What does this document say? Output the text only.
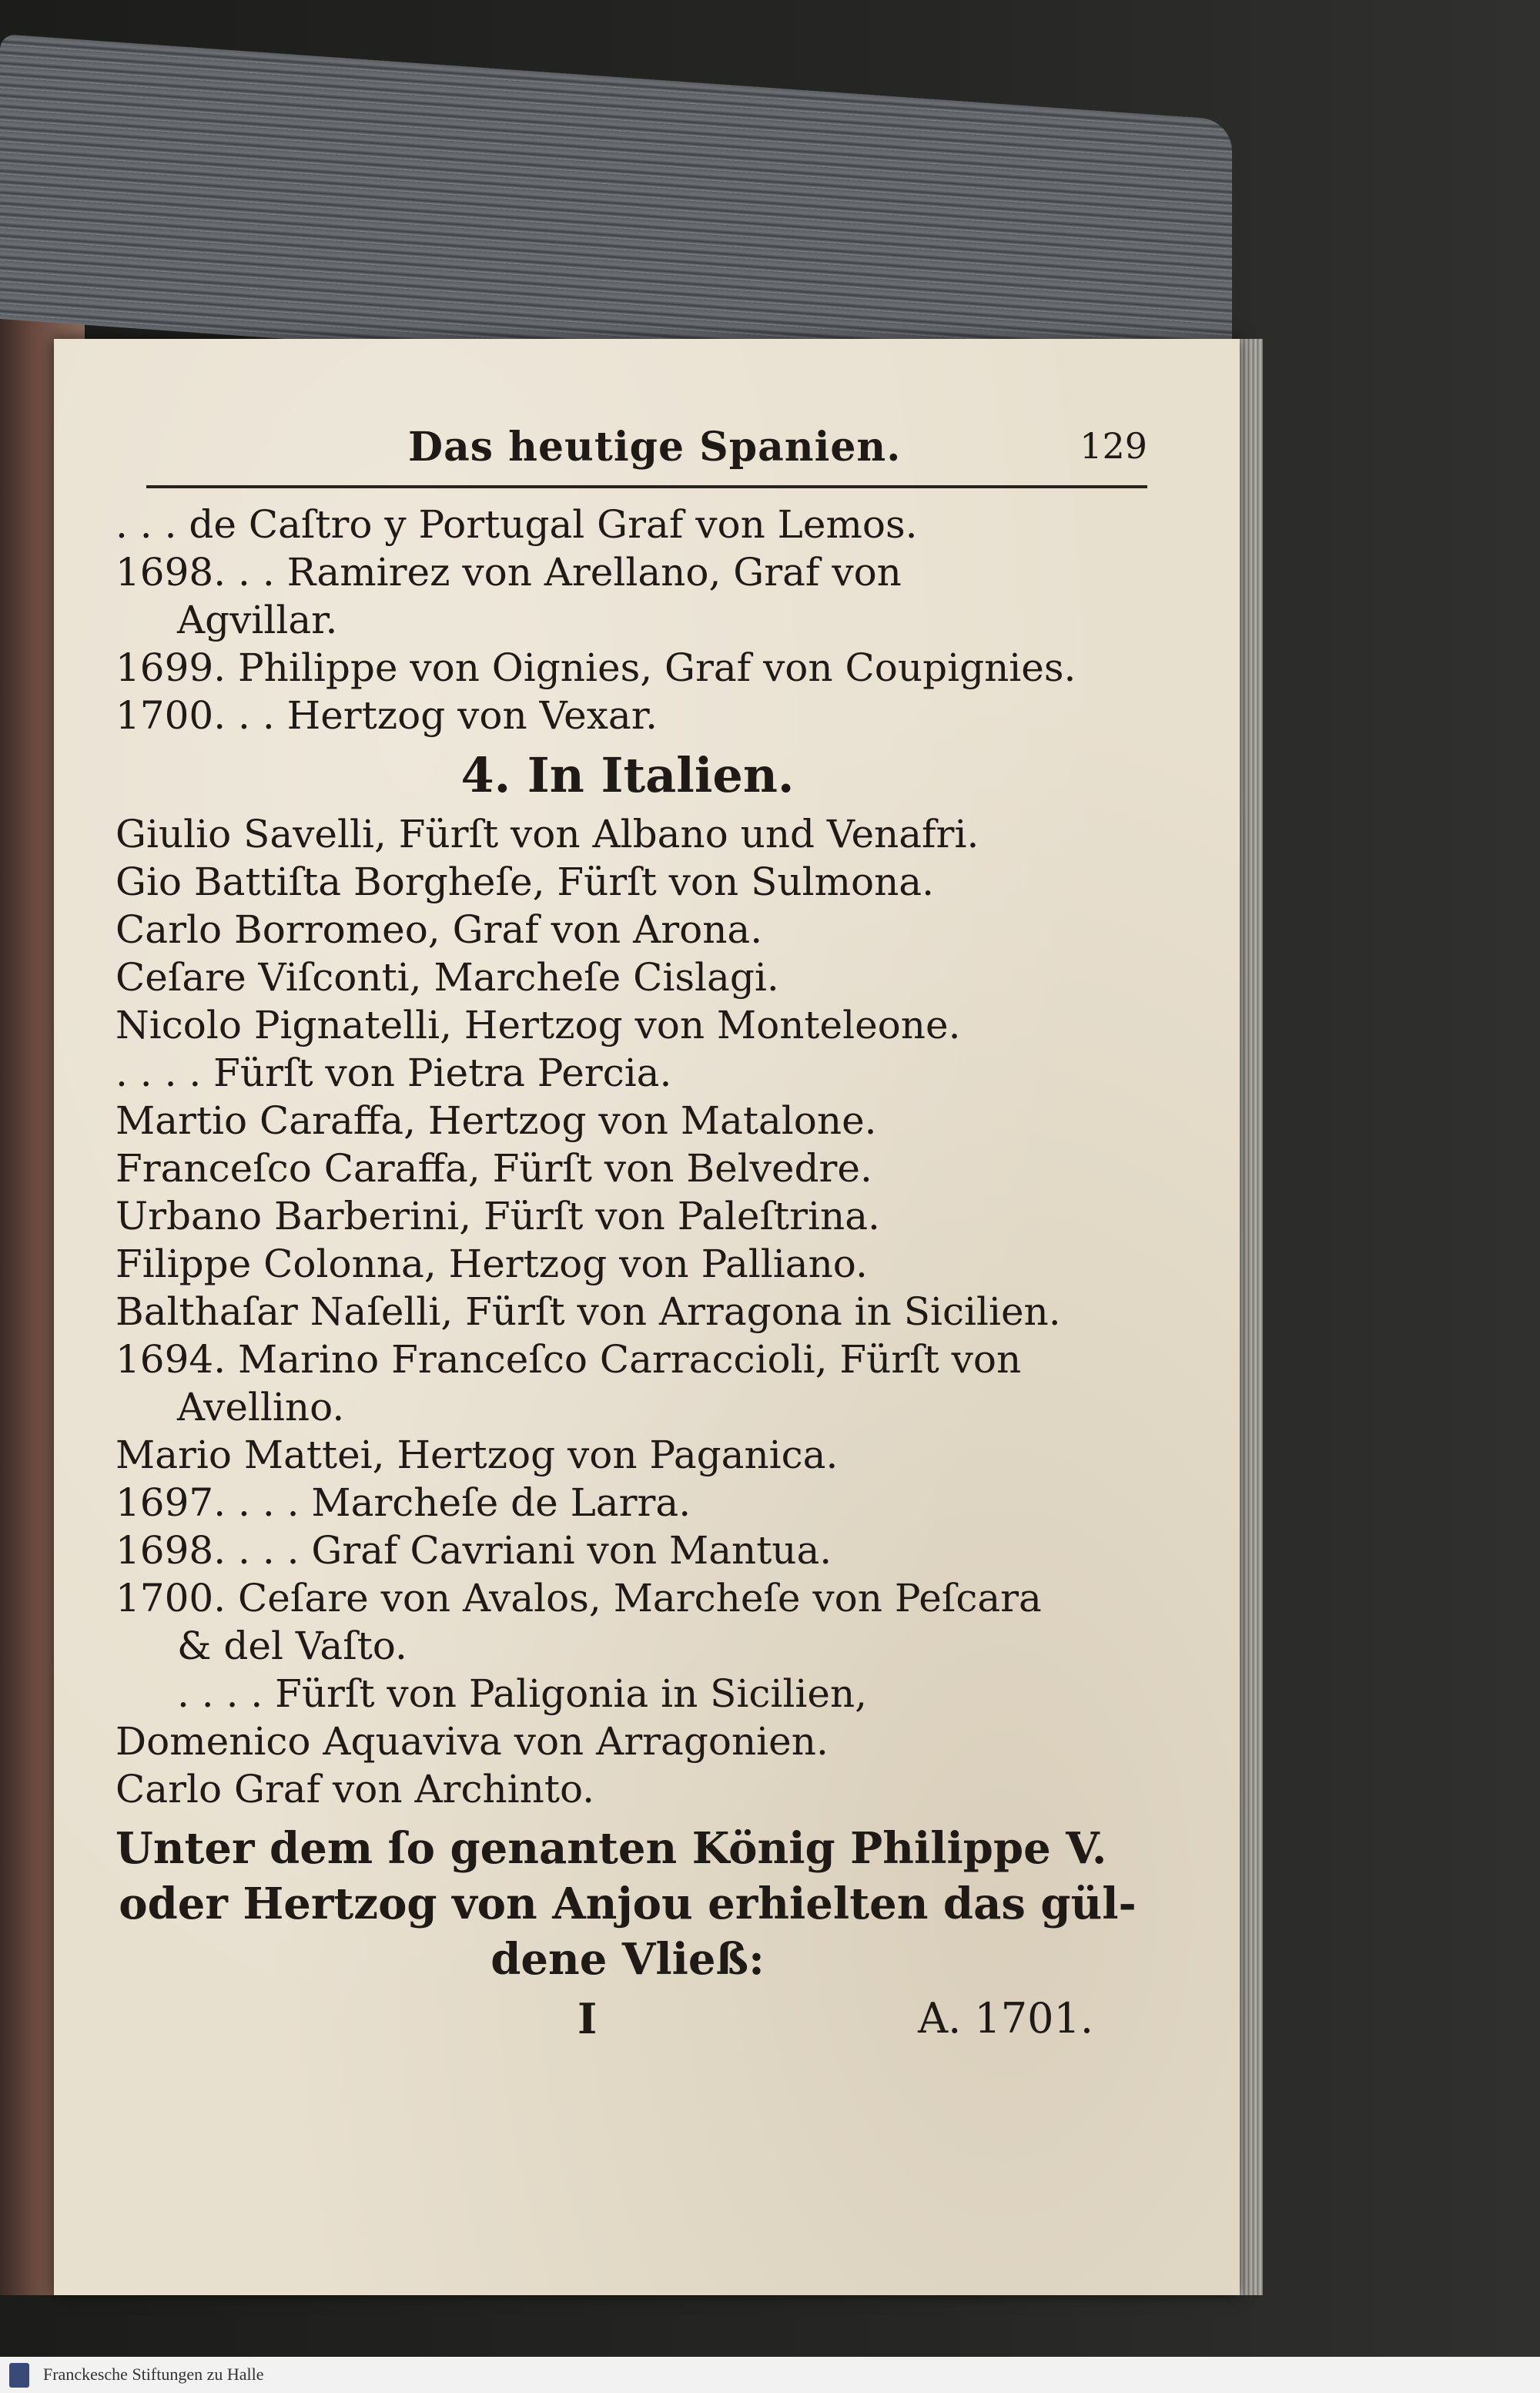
Das heutige Spanien.	129
. . . de Caſtro y Portugal Graf von Lemos.
1698. . . Ramirez von Arellano, Graf von
Agvillar.
1699. Philippe von Oignies, Graf von Coupignies.
1700. . . Hertzog von Vexar.
4. In Italien.
Giulio Savelli, Fürſt von Albano und Venafri.
Gio Battiſta Borgheſe, Fürſt von Sulmona.
Carlo Borromeo, Graf von Arona.
Ceſare Viſconti, Marcheſe Cislagi.
Nicolo Pignatelli, Hertzog von Monteleone.
. . . . Fürſt von Pietra Percia.
Martio Caraffa, Hertzog von Matalone.
Franceſco Caraffa, Fürſt von Belvedre.
Urbano Barberini, Fürſt von Paleſtrina.
Filippe Colonna, Hertzog von Palliano.
Balthaſar Naſelli, Fürſt von Arragona in Sicilien.
1694. Marino Franceſco Carraccioli, Fürſt von
Avellino.
Mario Mattei, Hertzog von Paganica.
1697. . . . Marcheſe de Larra.
1698. . . . Graf Cavriani von Mantua.
1700. Ceſare von Avalos, Marcheſe von Peſcara
& del Vaſto.
. . . . Fürſt von Paligonia in Sicilien,
Domenico Aquaviva von Arragonien.
Carlo Graf von Archinto.
Unter dem ſo genanten König Philippe V.
oder Hertzog von Anjou erhielten das gül-
dene Vließ:
I	A. 1701.
Franckesche Stiftungen zu Halle
